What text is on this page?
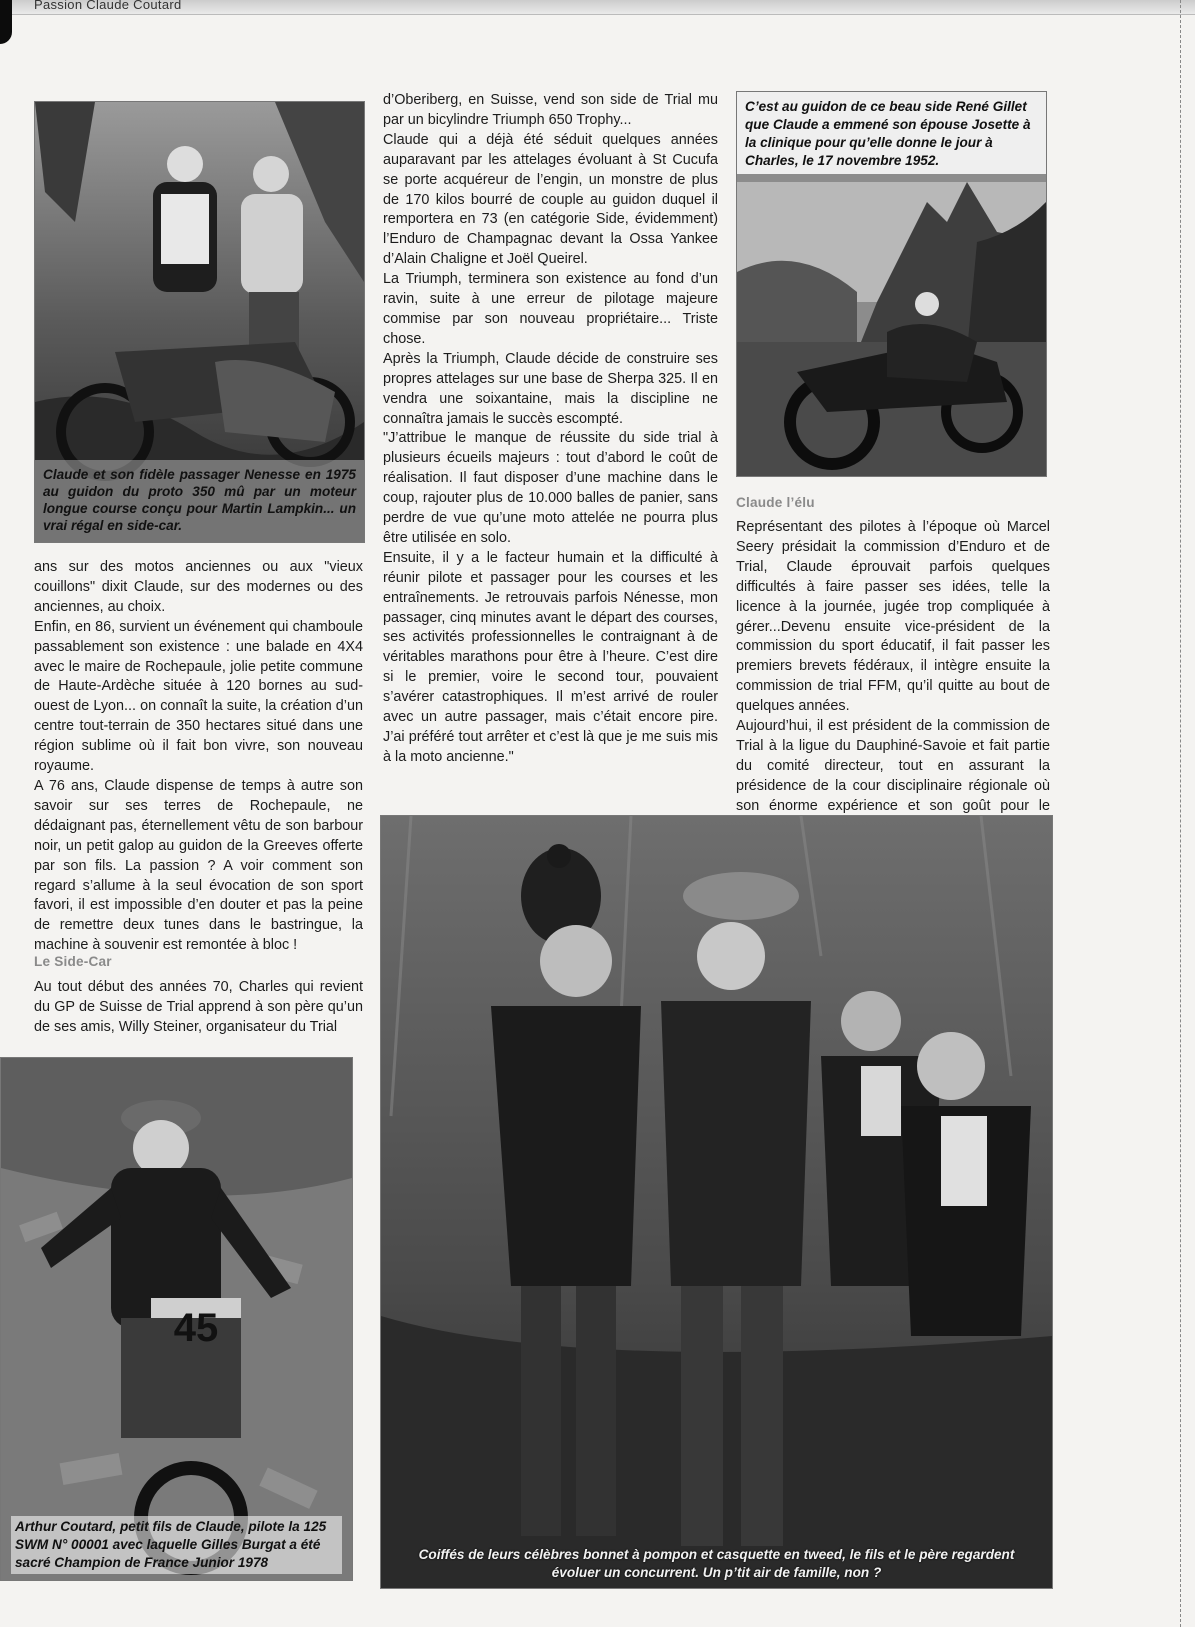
Passion Claude Coutard
Claude et son fidèle passager Nenesse en 1975 au guidon du proto 350 mû par un moteur longue course conçu pour Martin Lampkin... un vrai régal en side-car.
C’est au guidon de ce beau side René Gillet que Claude a emmené son épouse Josette à la clinique pour qu’elle donne le jour à Charles, le 17 novembre 1952.

ans sur des motos anciennes ou aux "vieux couillons" dixit Claude, sur des modernes ou des anciennes, au choix.

Enfin, en 86, survient un événement qui chamboule passablement son existence : une balade en 4X4 avec le maire de Rochepaule, jolie petite commune de Haute-Ardèche située à 120 bornes au sud-ouest de Lyon... on connaît la suite, la création d’un centre tout-terrain de 350 hectares situé dans une région sublime où il fait bon vivre, son nouveau royaume.

A 76 ans, Claude dispense de temps à autre son savoir sur ses terres de Rochepaule, ne dédaignant pas, éternellement vêtu de son barbour noir, un petit galop au guidon de la Greeves offerte par son fils. La passion ? A voir comment son regard s’allume à la seul évocation de son sport favori, il est impossible d’en douter et pas la peine de remettre deux tunes dans le bastringue, la machine à souvenir est remontée à bloc !

Le Side-Car

Au tout début des années 70, Charles qui revient du GP de Suisse de Trial apprend à son père qu’un de ses amis, Willy Steiner, organisateur du Trial

d’Oberiberg, en Suisse, vend son side de Trial mu par un bicylindre Triumph 650 Trophy...

Claude qui a déjà été séduit quelques années auparavant par les attelages évoluant à St Cucufa se porte acquéreur de l’engin, un monstre de plus de 170 kilos bourré de couple au guidon duquel il remportera en 73 (en catégorie Side, évidemment) l’Enduro de Champagnac devant la Ossa Yankee d’Alain Chaligne et Joël Queirel.

La Triumph, terminera son existence au fond d’un ravin, suite à une erreur de pilotage majeure commise par son nouveau propriétaire... Triste chose.

Après la Triumph, Claude décide de construire ses propres attelages sur une base de Sherpa 325. Il en vendra une soixantaine, mais la discipline ne connaîtra jamais le succès escompté.

"J’attribue le manque de réussite du side trial à plusieurs écueils majeurs : tout d’abord le coût de réalisation. Il faut disposer d’une machine dans le coup, rajouter plus de 10.000 balles de panier, sans perdre de vue qu’une moto attelée ne pourra plus être utilisée en solo.

Ensuite, il y a le facteur humain et la difficulté à réunir pilote et passager pour les courses et les entraînements. Je retrouvais parfois Nénesse, mon passager, cinq minutes avant le départ des courses, ses activités professionnelles le contraignant à de véritables marathons pour être à l’heure. C’est dire si le premier, voire le second tour, pouvaient s’avérer catastrophiques. Il m’est arrivé de rouler avec un autre passager, mais c’était encore pire. J’ai préféré tout arrêter et c’est là que je me suis mis à la moto ancienne."

Claude l’élu

Représentant des pilotes à l’époque où Marcel Seery présidait la commission d’Enduro et de Trial, Claude éprouvait parfois quelques difficultés à faire passer ses idées, telle la licence à la journée, jugée trop compliquée à gérer...Devenu ensuite vice-président de la commission du sport éducatif, il fait passer les premiers brevets fédéraux, il intègre ensuite la commission de trial FFM, qu’il quitte au bout de quelques années.

Aujourd’hui, il est président de la commission de Trial à la ligue du Dauphiné-Savoie et fait partie du comité directeur, tout en assurant la présidence de la cour disciplinaire régionale où son énorme expérience et son goût pour le

45
Arthur Coutard, petit fils de Claude, pilote la 125 SWM N° 00001 avec laquelle Gilles Burgat a été sacré Champion de France Junior 1978
Coiffés de leurs célèbres bonnet à pompon et casquette en tweed, le fils et le père regardent évoluer un concurrent. Un p’tit air de famille, non ?
